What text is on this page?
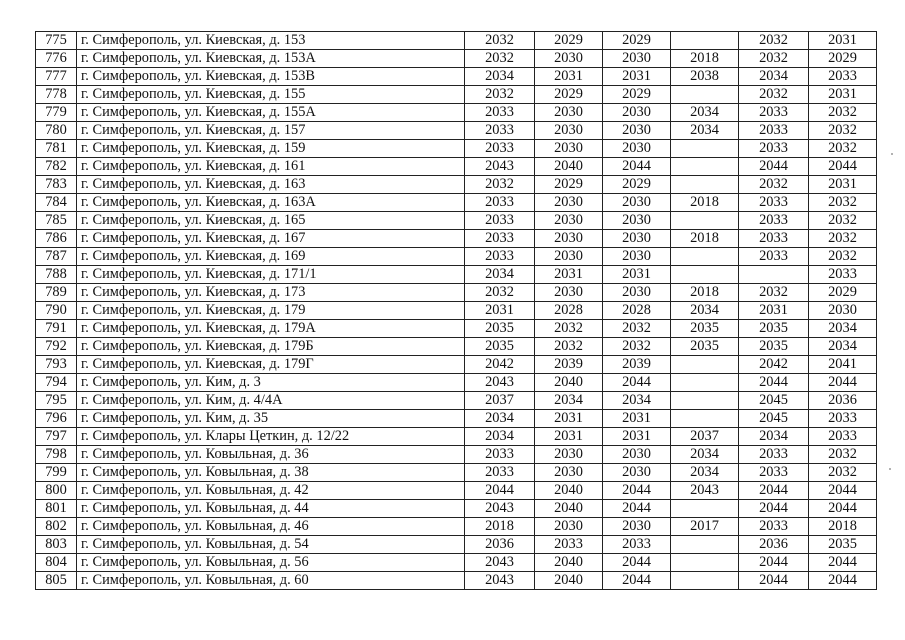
775	г. Симферополь, ул. Киевская, д. 153	2032	2029	2029		2032	2031
776	г. Симферополь, ул. Киевская, д. 153А	2032	2030	2030	2018	2032	2029
777	г. Симферополь, ул. Киевская, д. 153В	2034	2031	2031	2038	2034	2033
778	г. Симферополь, ул. Киевская, д. 155	2032	2029	2029		2032	2031
779	г. Симферополь, ул. Киевская, д. 155А	2033	2030	2030	2034	2033	2032
780	г. Симферополь, ул. Киевская, д. 157	2033	2030	2030	2034	2033	2032
781	г. Симферополь, ул. Киевская, д. 159	2033	2030	2030		2033	2032
782	г. Симферополь, ул. Киевская, д. 161	2043	2040	2044		2044	2044
783	г. Симферополь, ул. Киевская, д. 163	2032	2029	2029		2032	2031
784	г. Симферополь, ул. Киевская, д. 163А	2033	2030	2030	2018	2033	2032
785	г. Симферополь, ул. Киевская, д. 165	2033	2030	2030		2033	2032
786	г. Симферополь, ул. Киевская, д. 167	2033	2030	2030	2018	2033	2032
787	г. Симферополь, ул. Киевская, д. 169	2033	2030	2030		2033	2032
788	г. Симферополь, ул. Киевская, д. 171/1	2034	2031	2031			2033
789	г. Симферополь, ул. Киевская, д. 173	2032	2030	2030	2018	2032	2029
790	г. Симферополь, ул. Киевская, д. 179	2031	2028	2028	2034	2031	2030
791	г. Симферополь, ул. Киевская, д. 179А	2035	2032	2032	2035	2035	2034
792	г. Симферополь, ул. Киевская, д. 179Б	2035	2032	2032	2035	2035	2034
793	г. Симферополь, ул. Киевская, д. 179Г	2042	2039	2039		2042	2041
794	г. Симферополь, ул. Ким, д. 3	2043	2040	2044		2044	2044
795	г. Симферополь, ул. Ким, д. 4/4А	2037	2034	2034		2045	2036
796	г. Симферополь, ул. Ким, д. 35	2034	2031	2031		2045	2033
797	г. Симферополь, ул. Клары Цеткин, д. 12/22	2034	2031	2031	2037	2034	2033
798	г. Симферополь, ул. Ковыльная, д. 36	2033	2030	2030	2034	2033	2032
799	г. Симферополь, ул. Ковыльная, д. 38	2033	2030	2030	2034	2033	2032
800	г. Симферополь, ул. Ковыльная, д. 42	2044	2040	2044	2043	2044	2044
801	г. Симферополь, ул. Ковыльная, д. 44	2043	2040	2044		2044	2044
802	г. Симферополь, ул. Ковыльная, д. 46	2018	2030	2030	2017	2033	2018
803	г. Симферополь, ул. Ковыльная, д. 54	2036	2033	2033		2036	2035
804	г. Симферополь, ул. Ковыльная, д. 56	2043	2040	2044		2044	2044
805	г. Симферополь, ул. Ковыльная, д. 60	2043	2040	2044		2044	2044
